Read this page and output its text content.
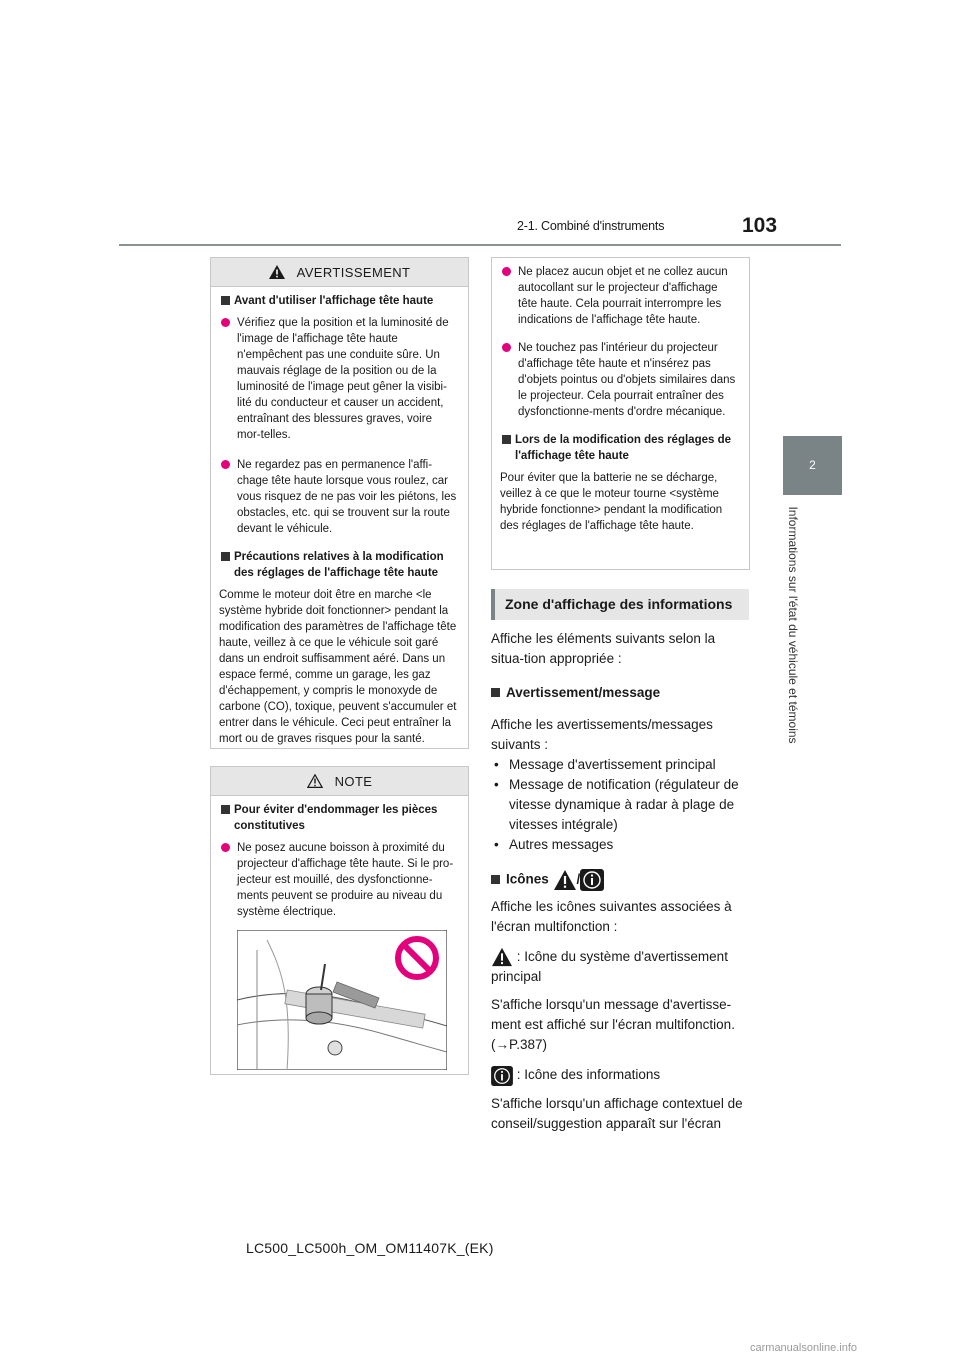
2-1. Combiné d'instruments	103
2
Informations sur l'état du véhicule et témoins
AVERTISSEMENT
Avant d'utiliser l'affichage tête haute

Vérifiez que la position et la luminosité de l'image de l'affichage tête haute n'empêchent pas une conduite sûre. Un mauvais réglage de la position ou de la luminosité de l'image peut gêner la visibi-lité du conducteur et causer un accident, entraînant des blessures graves, voire mor-telles.

Ne regardez pas en permanence l'affi-chage tête haute lorsque vous roulez, car vous risquez de ne pas voir les piétons, les obstacles, etc. qui se trouvent sur la route devant le véhicule.

Précautions relatives à la modification des réglages de l'affichage tête haute

Comme le moteur doit être en marche <le système hybride doit fonctionner> pendant la modification des paramètres de l'affichage tête haute, veillez à ce que le véhicule soit garé dans un endroit suffisamment aéré. Dans un espace fermé, comme un garage, les gaz d'échappement, y compris le monoxyde de carbone (CO), toxique, peuvent s'accumuler et entrer dans le véhicule. Ceci peut entraîner la mort ou de graves risques pour la santé.

NOTE
Pour éviter d'endommager les pièces constitutives

Ne posez aucune boisson à proximité du projecteur d'affichage tête haute. Si le pro-jecteur est mouillé, des dysfonctionne-ments peuvent se produire au niveau du système électrique.

Ne placez aucun objet et ne collez aucun autocollant sur le projecteur d'affichage tête haute. Cela pourrait interrompre les indications de l'affichage tête haute.

Ne touchez pas l'intérieur du projecteur d'affichage tête haute et n'insérez pas d'objets pointus ou d'objets similaires dans le projecteur. Cela pourrait entraîner des dysfonctionne-ments d'ordre mécanique.

Lors de la modification des réglages de l'affichage tête haute

Pour éviter que la batterie ne se décharge, veillez à ce que le moteur tourne <système hybride fonctionne> pendant la modification des réglages de l'affichage tête haute.

Zone d'affichage des informations

Affiche les éléments suivants selon la situa-tion appropriée :

Avertissement/message

Affiche les avertissements/messages suivants :

• Message d'avertissement principal
• Message de notification (régulateur de vitesse dynamique à radar à plage de vitesses intégrale)
• Autres messages
Icônes /

Affiche les icônes suivantes associées à l'écran multifonction :

: Icône du système d'avertissement principal

S'affiche lorsqu'un message d'avertisse-ment est affiché sur l'écran multifonction.
(→P.387)

: Icône des informations

S'affiche lorsqu'un affichage contextuel de conseil/suggestion apparaît sur l'écran

LC500_LC500h_OM_OM11407K_(EK)
carmanualsonline.info
